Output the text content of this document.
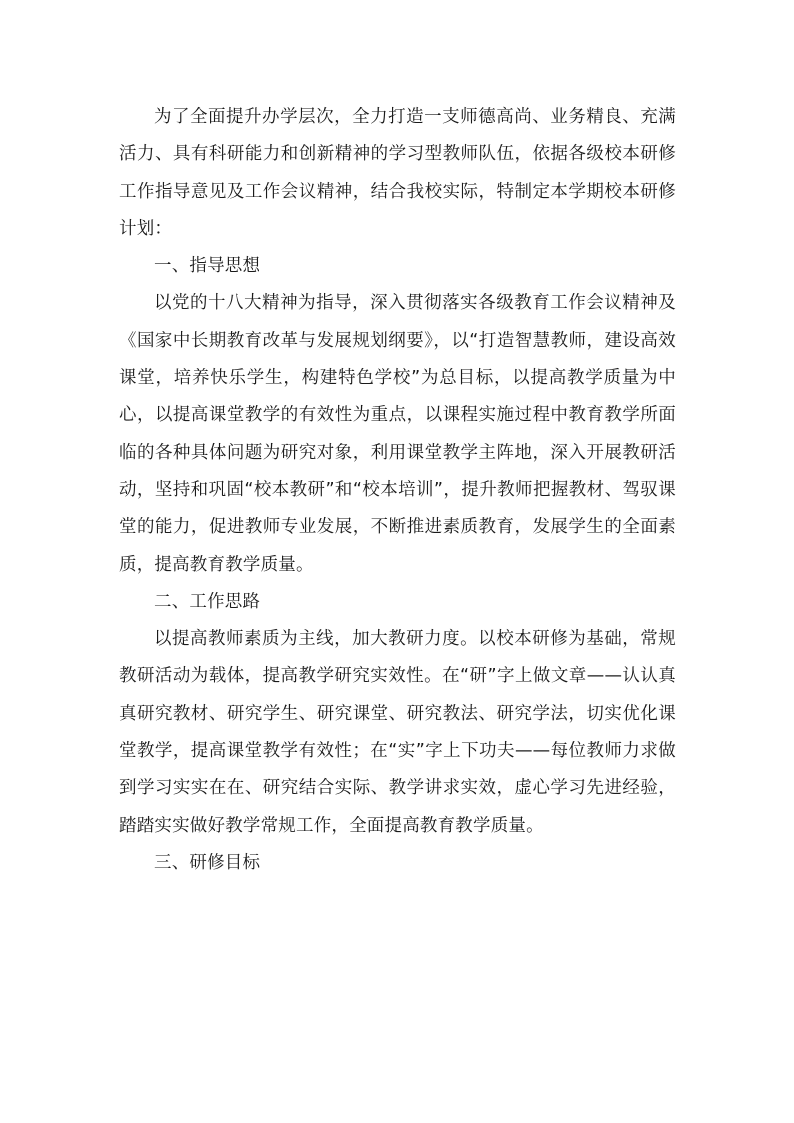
为了全面提升办学层次，全力打造一支师德高尚、业务精良、充满活力、具有科研能力和创新精神的学习型教师队伍，依据各级校本研修工作指导意见及工作会议精神，结合我校实际，特制定本学期校本研修计划：

一、指导思想

以党的十八大精神为指导，深入贯彻落实各级教育工作会议精神及《国家中长期教育改革与发展规划纲要》，以“打造智慧教师，建设高效课堂，培养快乐学生，构建特色学校”为总目标，以提高教学质量为中心，以提高课堂教学的有效性为重点，以课程实施过程中教育教学所面临的各种具体问题为研究对象，利用课堂教学主阵地，深入开展教研活动，坚持和巩固“校本教研”和“校本培训”，提升教师把握教材、驾驭课堂的能力，促进教师专业发展，不断推进素质教育，发展学生的全面素质，提高教育教学质量。

二、工作思路

以提高教师素质为主线，加大教研力度。以校本研修为基础，常规教研活动为载体，提高教学研究实效性。在“研”字上做文章——认认真真研究教材、研究学生、研究课堂、研究教法、研究学法，切实优化课堂教学，提高课堂教学有效性；在“实”字上下功夫——每位教师力求做到学习实实在在、研究结合实际、教学讲求实效，虚心学习先进经验，踏踏实实做好教学常规工作，全面提高教育教学质量。

三、研修目标
